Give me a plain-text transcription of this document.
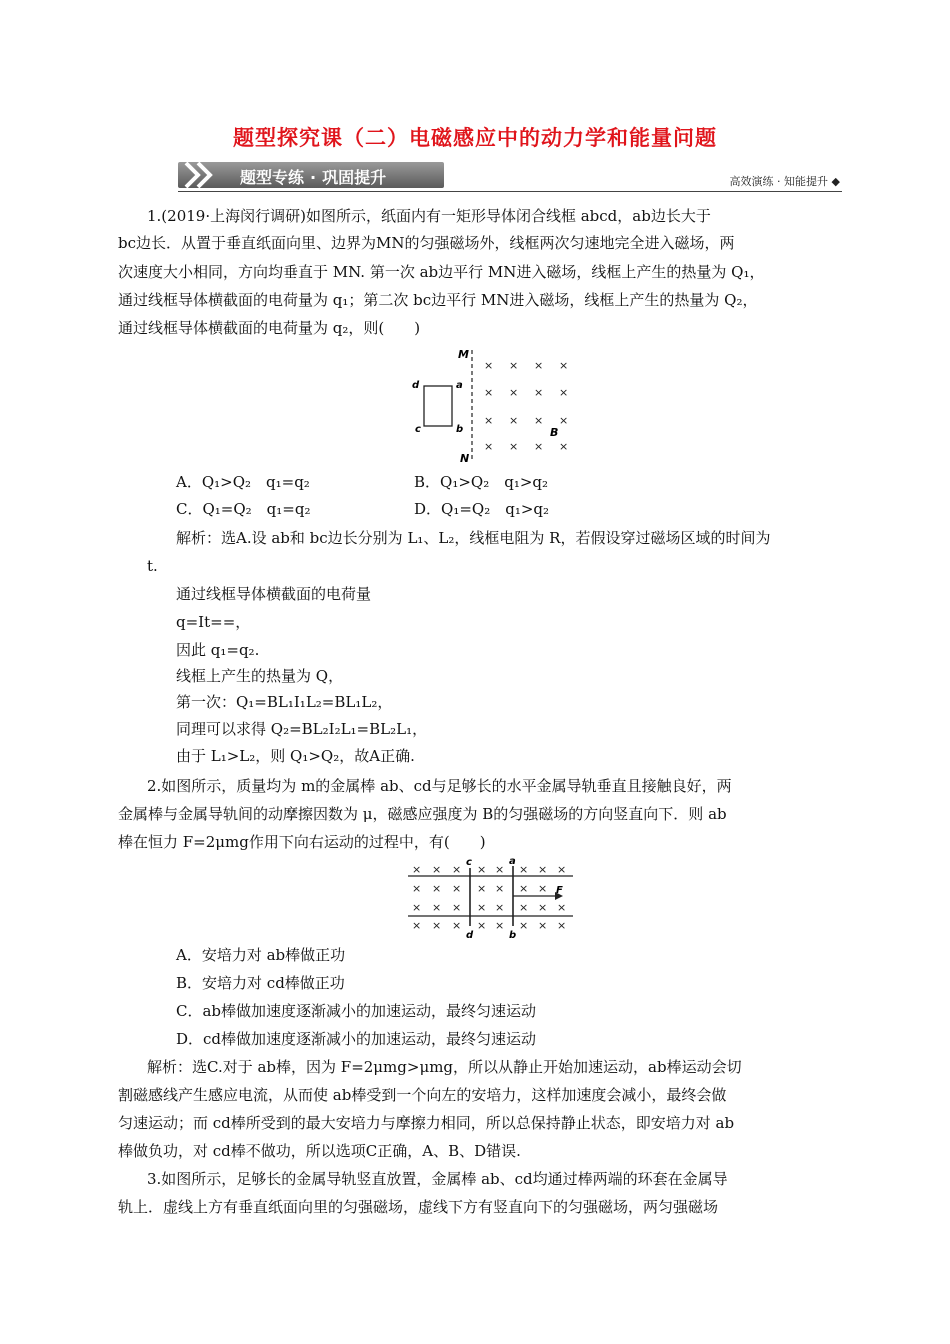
题型探究课（二）电磁感应中的动力学和能量问题
题型专练 · 巩固提升	高效演练 · 知能提升 ◆
1.(2019·上海闵行调研)如图所示，纸面内有一矩形导体闭合线框 abcd，ab边长大于
bc边长．从置于垂直纸面向里、边界为MN的匀强磁场外，线框两次匀速地完全进入磁场，两
次速度大小相同，方向均垂直于 MN. 第一次 ab边平行 MN进入磁场，线框上产生的热量为 Q₁，
通过线框导体横截面的电荷量为 q₁；第二次 bc边平行 MN进入磁场，线框上产生的热量为 Q₂，
通过线框导体横截面的电荷量为 q₂，则(　　)
M
N
d	a
c	b	B
× × × ×
× × × ×
× × × ×
× × × ×
A．Q₁>Q₂　q₁=q₂	B．Q₁>Q₂　q₁>q₂
C．Q₁=Q₂　q₁=q₂	D．Q₁=Q₂　q₁>q₂
解析：选A.设 ab和 bc边长分别为 L₁、L₂，线框电阻为 R，若假设穿过磁场区域的时间为
t.
通过线框导体横截面的电荷量
q=It==，
因此 q₁=q₂.
线框上产生的热量为 Q，
第一次：Q₁=BL₁I₁L₂=BL₁L₂，
同理可以求得 Q₂=BL₂I₂L₁=BL₂L₁，
由于 L₁>L₂，则 Q₁>Q₂，故A正确.
2.如图所示，质量均为 m的金属棒 ab、cd与足够长的水平金属导轨垂直且接触良好，两
金属棒与金属导轨间的动摩擦因数为 μ，磁感应强度为 B的匀强磁场的方向竖直向下．则 ab
棒在恒力 F=2μmg作用下向右运动的过程中，有(　　)
c
d
a
b
F
× × × × × × × ×
× × × × × × ×
× × × × × × × ×
× × × × × × × ×
A．安培力对 ab棒做正功
B．安培力对 cd棒做正功
C．ab棒做加速度逐渐减小的加速运动，最终匀速运动
D．cd棒做加速度逐渐减小的加速运动，最终匀速运动
解析：选C.对于 ab棒，因为 F=2μmg>μmg，所以从静止开始加速运动，ab棒运动会切
割磁感线产生感应电流，从而使 ab棒受到一个向左的安培力，这样加速度会减小，最终会做
匀速运动；而 cd棒所受到的最大安培力与摩擦力相同，所以总保持静止状态，即安培力对 ab
棒做负功，对 cd棒不做功，所以选项C正确，A、B、D错误.
3.如图所示，足够长的金属导轨竖直放置，金属棒 ab、cd均通过棒两端的环套在金属导
轨上．虚线上方有垂直纸面向里的匀强磁场，虚线下方有竖直向下的匀强磁场，两匀强磁场
